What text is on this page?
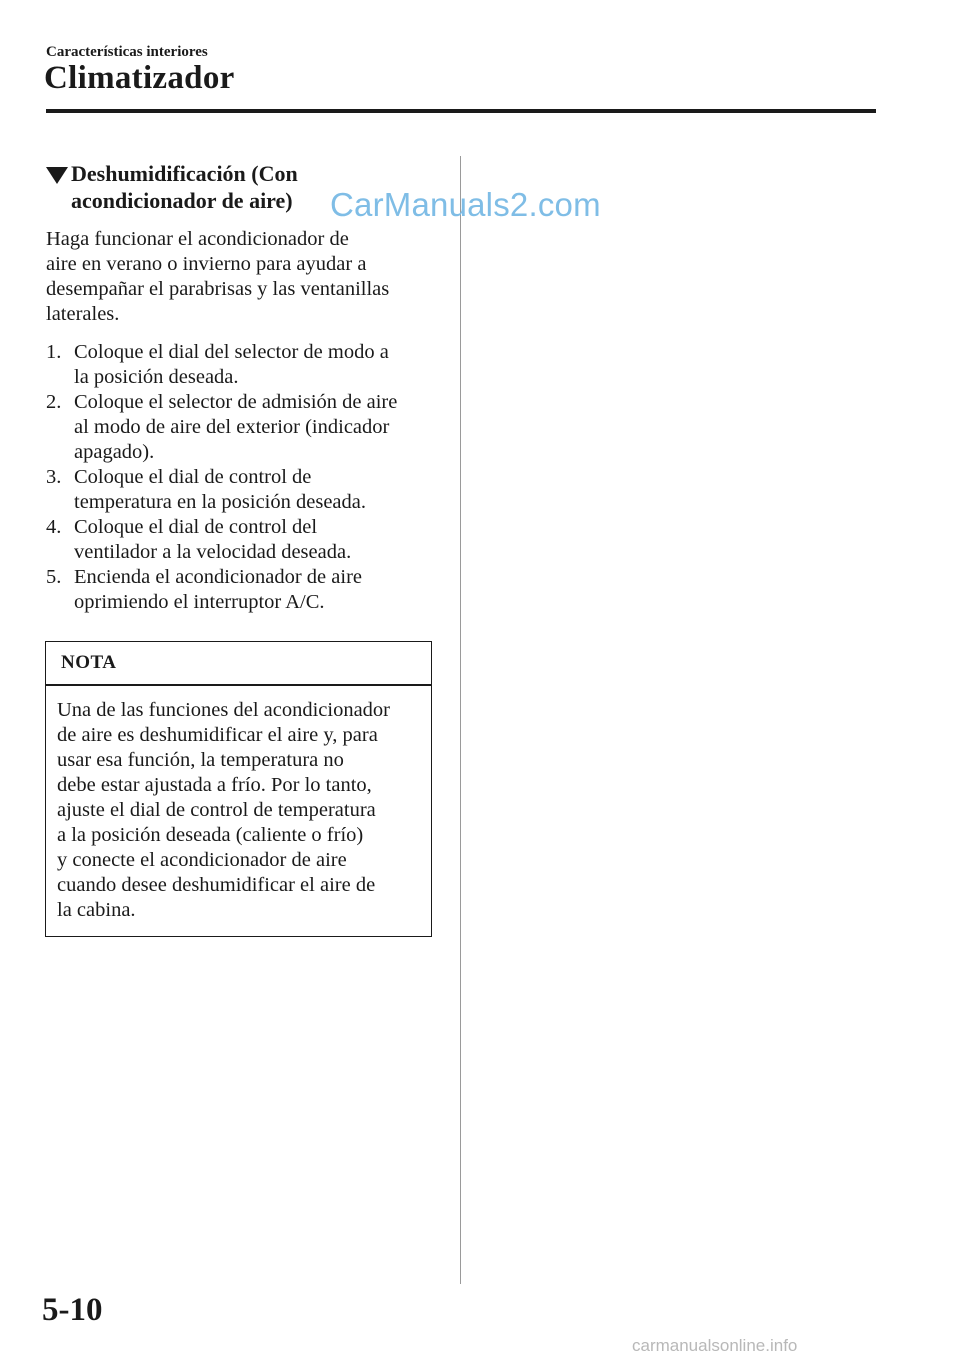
Características interiores
Climatizador
Deshumidificación (Con
acondicionador de aire)	CarManuals2.com
Haga funcionar el acondicionador de
aire en verano o invierno para ayudar a
desempañar el parabrisas y las ventanillas
laterales.
1. Coloque el dial del selector de modo a
la posición deseada.
2. Coloque el selector de admisión de aire
al modo de aire del exterior (indicador
apagado).
3. Coloque el dial de control de
temperatura en la posición deseada.
4. Coloque el dial de control del
ventilador a la velocidad deseada.
5. Encienda el acondicionador de aire
oprimiendo el interruptor A/C.
NOTA
Una de las funciones del acondicionador
de aire es deshumidificar el aire y, para
usar esa función, la temperatura no
debe estar ajustada a frío. Por lo tanto,
ajuste el dial de control de temperatura
a la posición deseada (caliente o frío)
y conecte el acondicionador de aire
cuando desee deshumidificar el aire de
la cabina.
5-10
carmanualsonline.info
